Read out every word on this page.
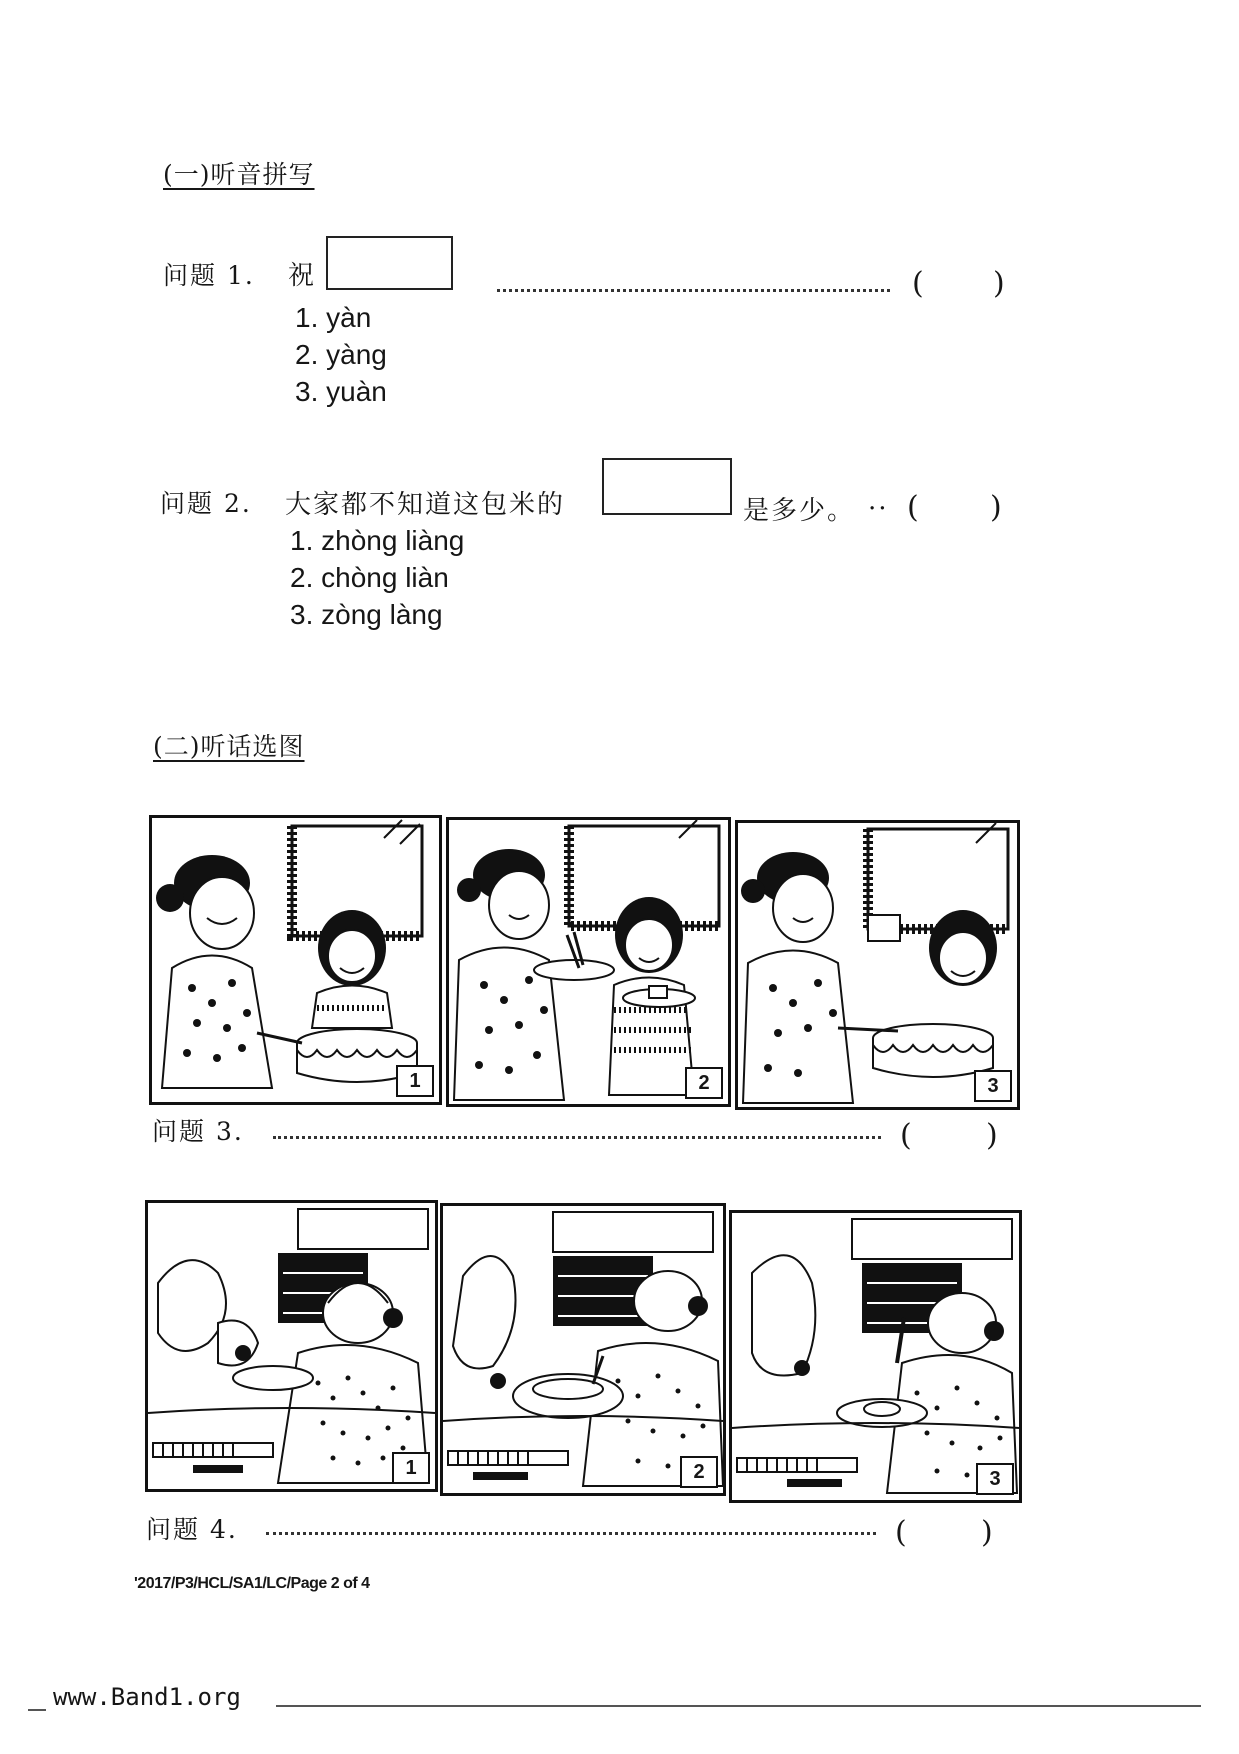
(一)听音拼写
问题 1. 祝	( )
1. yàn
2. yàng
3. yuàn
问题 2. 大家都不知道这包米的	是多少。 .. ( )
1. zhòng liàng
2. chòng liàn
3. zòng làng
(二)听话选图
1	2	3
问题 3.	( )
1	2	3
问题 4.	( )
'2017/P3/HCL/SA1/LC/Page 2 of 4
www.Band1.org
